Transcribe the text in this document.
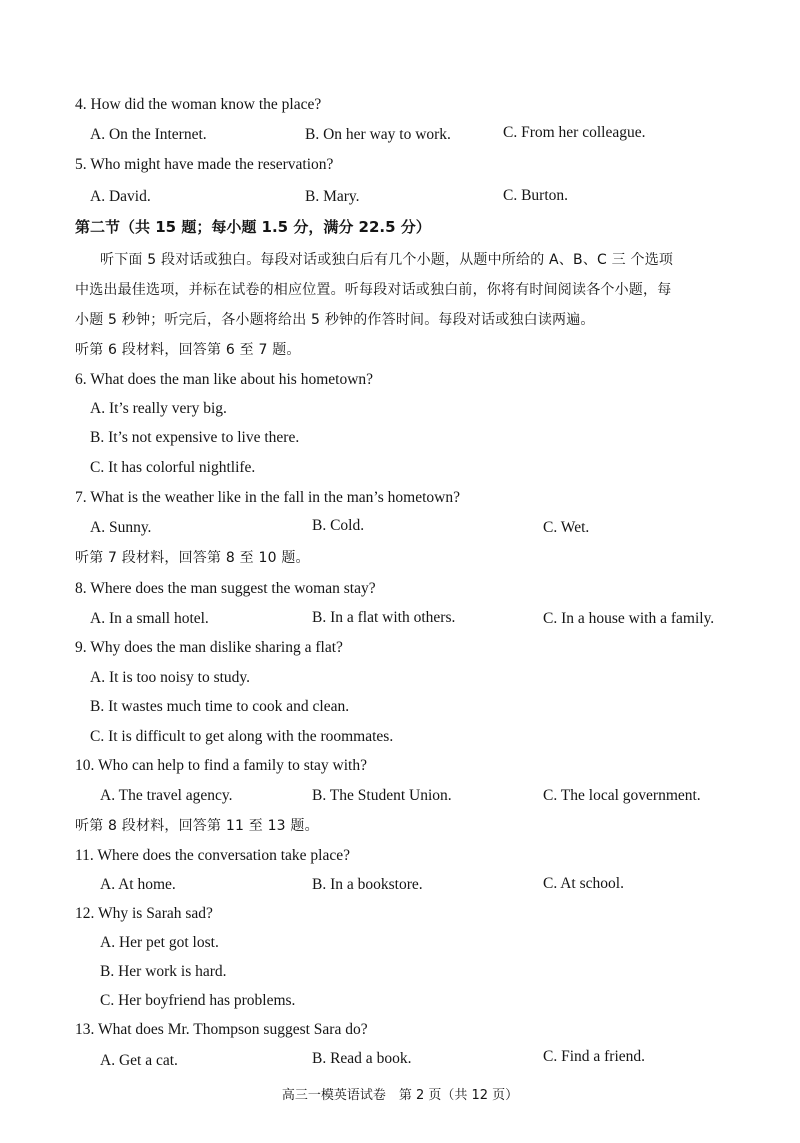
4. How did the woman know the place?
A. On the Internet.	B. On her way to work.	C. From her colleague.
5. Who might have made the reservation?
A. David.	B. Mary.	C. Burton.
第二节（共 15 题；每小题 1.5 分，满分 22.5 分）
听下面 5 段对话或独白。每段对话或独白后有几个小题，从题中所给的 A、B、C 三 个选项
中选出最佳选项，并标在试卷的相应位置。听每段对话或独白前，你将有时间阅读各个小题，每
小题 5 秒钟；听完后，各小题将给出 5 秒钟的作答时间。每段对话或独白读两遍。
听第 6 段材料，回答第 6 至 7 题。
6. What does the man like about his hometown?
A. It’s really very big.
B. It’s not expensive to live there.
C. It has colorful nightlife.
7. What is the weather like in the fall in the man’s hometown?
A. Sunny.	B. Cold.	C. Wet.
听第 7 段材料，回答第 8 至 10 题。
8. Where does the man suggest the woman stay?
A. In a small hotel.	B. In a flat with others.	C. In a house with a family.
9. Why does the man dislike sharing a flat?
A. It is too noisy to study.
B. It wastes much time to cook and clean.
C. It is difficult to get along with the roommates.
10. Who can help to find a family to stay with?
A. The travel agency.	B. The Student Union.	C. The local government.
听第 8 段材料，回答第 11 至 13 题。
11. Where does the conversation take place?
A. At home.	B. In a bookstore.	C. At school.
12. Why is Sarah sad?
A. Her pet got lost.
B. Her work is hard.
C. Her boyfriend has problems.
13. What does Mr. Thompson suggest Sara do?
A. Get a cat.	B. Read a book.	C. Find a friend.
高三一模英语试卷　第 2 页（共 12 页）
